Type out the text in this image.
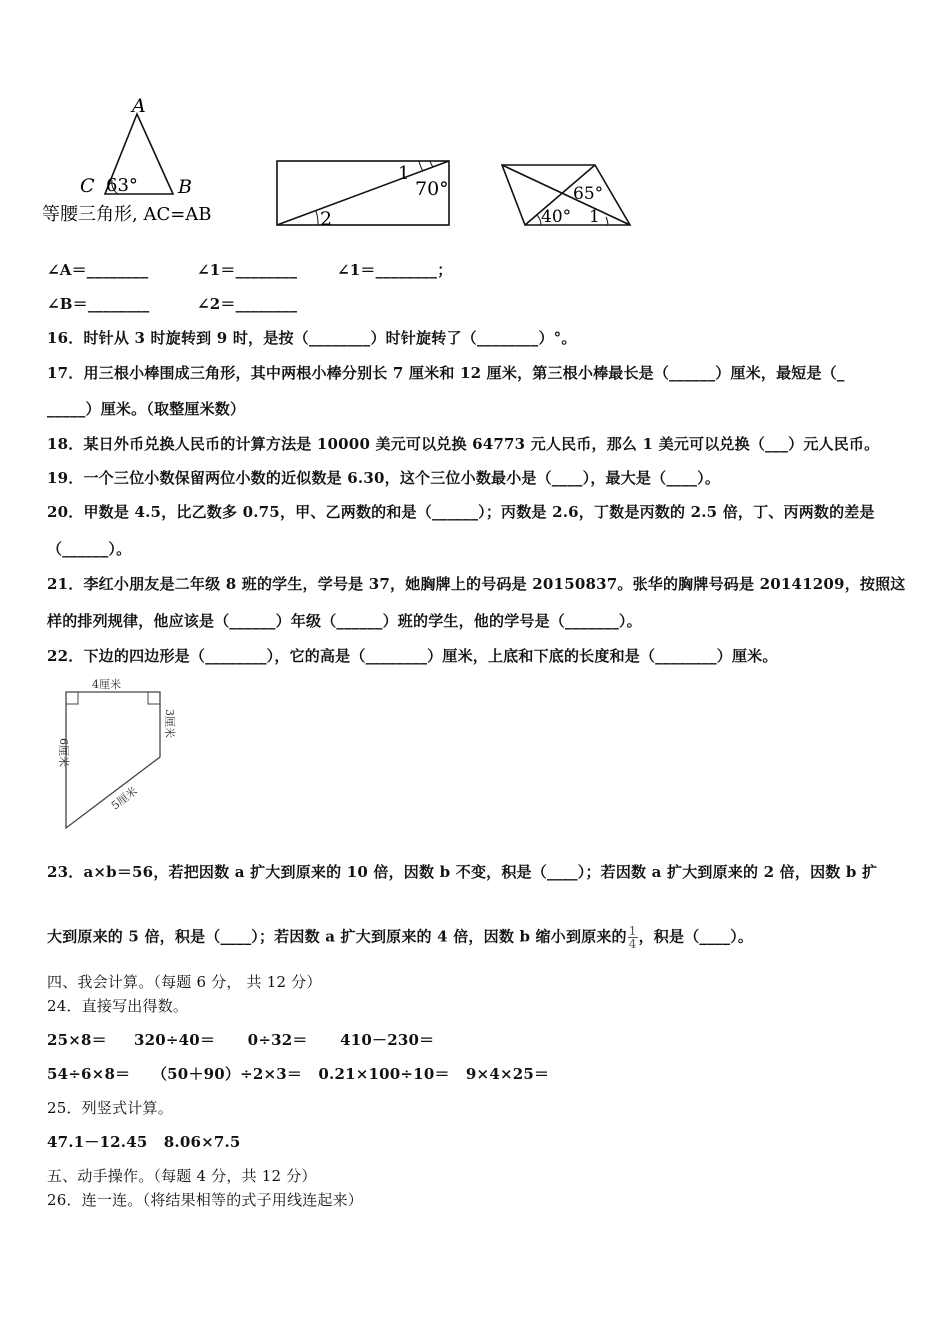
A
C	B
63°
等腰三角形, AC=AB
1
70°
2
65°
40° 1
∠A＝________	∠1＝________	∠1＝________；
∠B＝________	∠2＝________
16．时针从 3 时旋转到 9 时，是按（________）时针旋转了（________）°。
17．用三根小棒围成三角形，其中两根小棒分别长 7 厘米和 12 厘米，第三根小棒最长是（______）厘米，最短是（_
_____）厘米。（取整厘米数）
18．某日外币兑换人民币的计算方法是 10000 美元可以兑换 64773 元人民币，那么 1 美元可以兑换（___）元人民币。
19．一个三位小数保留两位小数的近似数是 6.30，这个三位小数最小是（____），最大是（____）。
20．甲数是 4.5，比乙数多 0.75，甲、乙两数的和是（______）；丙数是 2.6，丁数是丙数的 2.5 倍，丁、丙两数的差是
（______）。
21．李红小朋友是二年级 8 班的学生，学号是 37，她胸牌上的号码是 20150837。张华的胸牌号码是 20141209，按照这
样的排列规律，他应该是（______）年级（______）班的学生，他的学号是（_______）。
22．下边的四边形是（________），它的高是（________）厘米，上底和下底的长度和是（________）厘米。
4厘米
3厘米
6厘米
5厘米
23．a×b＝56，若把因数 a 扩大到原来的 10 倍，因数 b 不变，积是（____）；若因数 a 扩大到原来的 2 倍，因数 b 扩
大到原来的 5 倍，积是（____）；若因数 a 扩大到原来的 4 倍，因数 b 缩小到原来的 $\frac{1}{4}$ ，积是（____）。
四、我会计算。（每题 6 分， 共 12 分）
24．直接写出得数。
25×8＝     320÷40＝      0÷32＝      410－230＝
54÷6×8＝    （50＋90）÷2×3＝   0.21×100÷10＝   9×4×25＝
25．列竖式计算。
47.1－12.45   8.06×7.5
五、动手操作。（每题 4 分，共 12 分）
26．连一连。（将结果相等的式子用线连起来）
